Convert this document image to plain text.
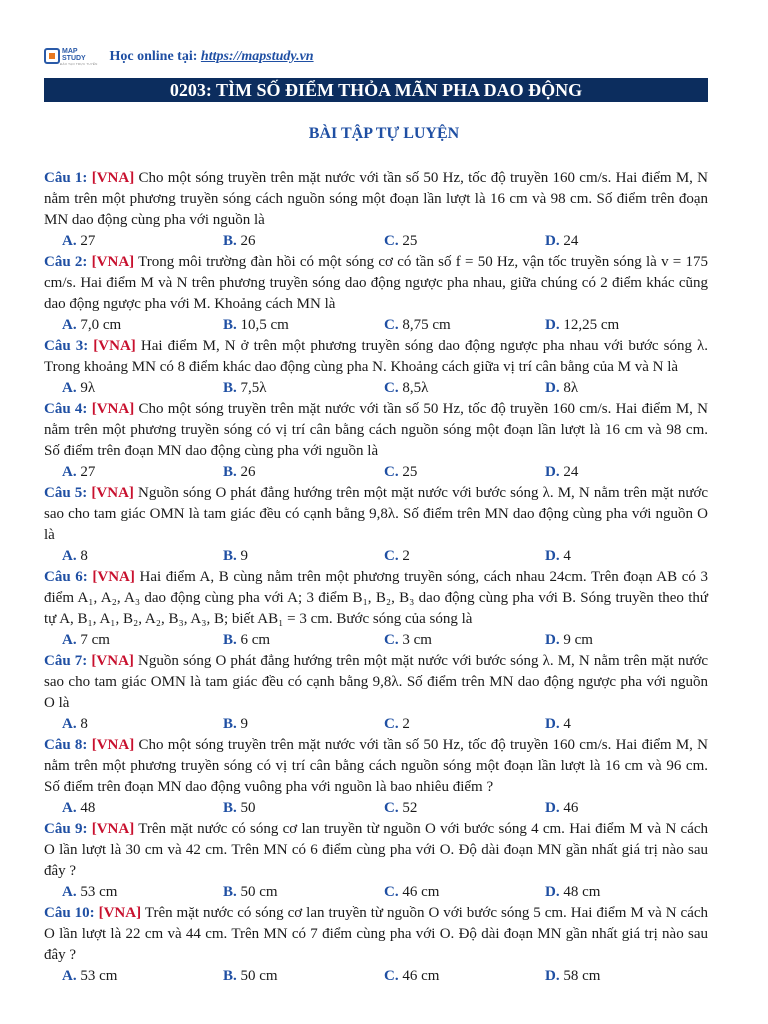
MAP
STUDY
ĐÀO TẠO TRỰC TUYẾN Học online tại: https://mapstudy.vn
0203: TÌM SỐ ĐIỂM THỎA MÃN PHA DAO ĐỘNG
BÀI TẬP TỰ LUYỆN
Câu 1: [VNA] Cho một sóng truyền trên mặt nước với tần số 50 Hz, tốc độ truyền 160 cm/s. Hai điểm M, N nằm trên một phương truyền sóng cách nguồn sóng một đoạn lần lượt là 16 cm và 98 cm. Số điểm trên đoạn MN dao động cùng pha với nguồn là
A. 27	B. 26	C. 25	D. 24
Câu 2: [VNA] Trong môi trường đàn hồi có một sóng cơ có tần số f = 50 Hz, vận tốc truyền sóng là v = 175 cm/s. Hai điểm M và N trên phương truyền sóng dao động ngược pha nhau, giữa chúng có 2 điểm khác cũng dao động ngược pha với M. Khoảng cách MN là
A. 7,0 cm	B. 10,5 cm	C. 8,75 cm	D. 12,25 cm
Câu 3: [VNA] Hai điểm M, N ở trên một phương truyền sóng dao động ngược pha nhau với bước sóng λ. Trong khoảng MN có 8 điểm khác dao động cùng pha N. Khoảng cách giữa vị trí cân bằng của M và N là
A. 9λ	B. 7,5λ	C. 8,5λ	D. 8λ
Câu 4: [VNA] Cho một sóng truyền trên mặt nước với tần số 50 Hz, tốc độ truyền 160 cm/s. Hai điểm M, N nằm trên một phương truyền sóng có vị trí cân bằng cách nguồn sóng một đoạn lần lượt là 16 cm và 98 cm. Số điểm trên đoạn MN dao động cùng pha với nguồn là
A. 27	B. 26	C. 25	D. 24
Câu 5: [VNA] Nguồn sóng O phát đẳng hướng trên một mặt nước với bước sóng λ. M, N nằm trên mặt nước sao cho tam giác OMN là tam giác đều có cạnh bằng 9,8λ. Số điểm trên MN dao động cùng pha với nguồn O là
A. 8	B. 9	C. 2	D. 4
Câu 6: [VNA] Hai điểm A, B cùng nằm trên một phương truyền sóng, cách nhau 24cm. Trên đoạn AB có 3 điểm A₁, A₂, A₃ dao động cùng pha với A; 3 điểm B₁, B₂, B₃ dao động cùng pha với B. Sóng truyền theo thứ tự A, B₁, A₁, B₂, A₂, B₃, A₃, B; biết AB₁ = 3 cm. Bước sóng của sóng là
A. 7 cm	B. 6 cm	C. 3 cm	D. 9 cm
Câu 7: [VNA] Nguồn sóng O phát đẳng hướng trên một mặt nước với bước sóng λ. M, N nằm trên mặt nước sao cho tam giác OMN là tam giác đều có cạnh bằng 9,8λ. Số điểm trên MN dao động ngược pha với nguồn O là
A. 8	B. 9	C. 2	D. 4
Câu 8: [VNA] Cho một sóng truyền trên mặt nước với tần số 50 Hz, tốc độ truyền 160 cm/s. Hai điểm M, N nằm trên một phương truyền sóng có vị trí cân bằng cách nguồn sóng một đoạn lần lượt là 16 cm và 96 cm. Số điểm trên đoạn MN dao động vuông pha với nguồn là bao nhiêu điểm ?
A. 48	B. 50	C. 52	D. 46
Câu 9: [VNA] Trên mặt nước có sóng cơ lan truyền từ nguồn O với bước sóng 4 cm. Hai điểm M và N cách O lần lượt là 30 cm và 42 cm. Trên MN có 6 điểm cùng pha với O. Độ dài đoạn MN gần nhất giá trị nào sau đây ?
A. 53 cm	B. 50 cm	C. 46 cm	D. 48 cm
Câu 10: [VNA] Trên mặt nước có sóng cơ lan truyền từ nguồn O với bước sóng 5 cm. Hai điểm M và N cách O lần lượt là 22 cm và 44 cm. Trên MN có 7 điểm cùng pha với O. Độ dài đoạn MN gần nhất giá trị nào sau đây ?
A. 53 cm	B. 50 cm	C. 46 cm	D. 58 cm
